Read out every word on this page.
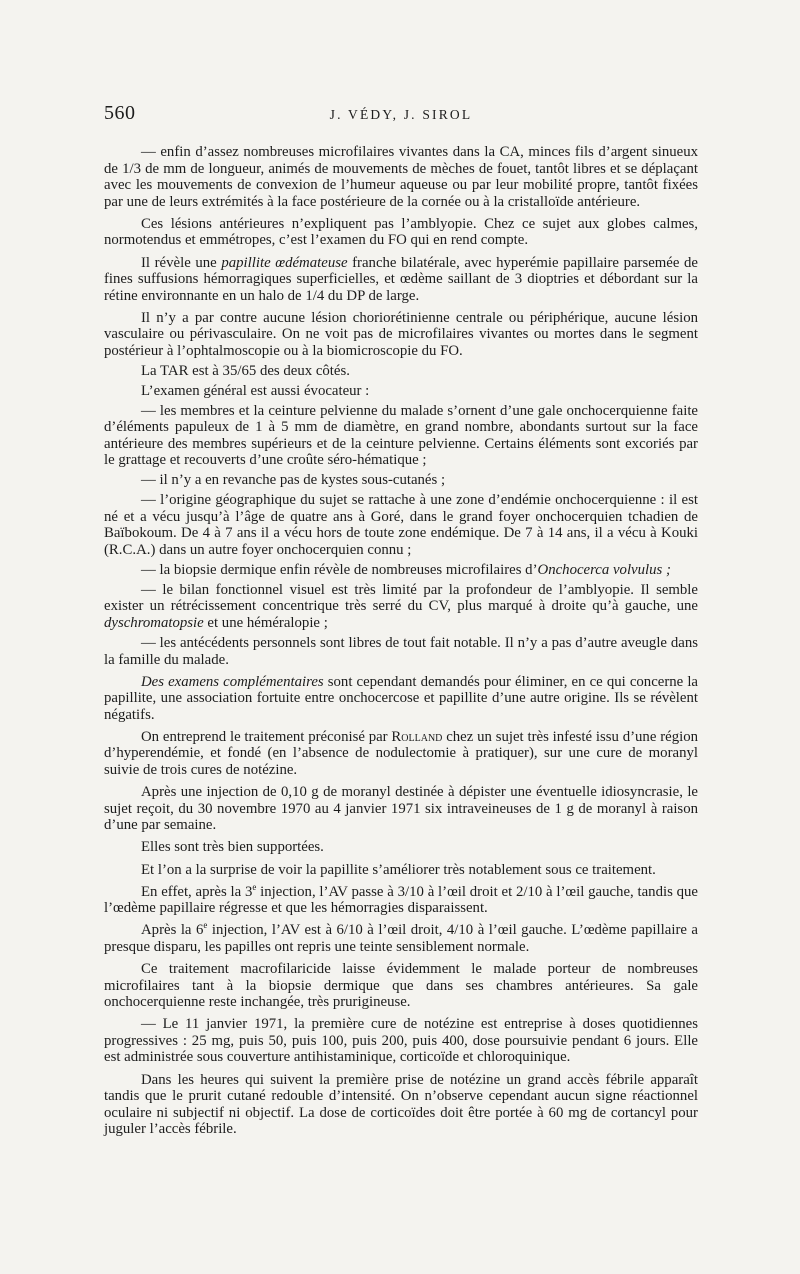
560	J. VÉDY, J. SIROL

— enfin d’assez nombreuses microfilaires vivantes dans la CA, minces fils d’argent sinueux de 1/3 de mm de longueur, animés de mouvements de mèches de fouet, tantôt libres et se déplaçant avec les mouvements de convexion de l’humeur aqueuse ou par leur mobilité propre, tantôt fixées par une de leurs extrémités à la face postérieure de la cornée ou à la cristalloïde antérieure.

Ces lésions antérieures n’expliquent pas l’amblyopie. Chez ce sujet aux globes calmes, normotendus et emmétropes, c’est l’examen du FO qui en rend compte.

Il révèle une papillite œdémateuse franche bilatérale, avec hyperémie papillaire parsemée de fines suffusions hémorragiques superficielles, et œdème saillant de 3 dioptries et débordant sur la rétine environnante en un halo de 1/4 du DP de large.

Il n’y a par contre aucune lésion choriorétinienne centrale ou périphérique, aucune lésion vasculaire ou périvasculaire. On ne voit pas de microfilaires vivantes ou mortes dans le segment postérieur à l’ophtalmoscopie ou à la biomicroscopie du FO.

La TAR est à 35/65 des deux côtés.

L’examen général est aussi évocateur :

— les membres et la ceinture pelvienne du malade s’ornent d’une gale onchocerquienne faite d’éléments papuleux de 1 à 5 mm de diamètre, en grand nombre, abondants surtout sur la face antérieure des membres supérieurs et de la ceinture pelvienne. Certains éléments sont excoriés par le grattage et recouverts d’une croûte séro-hématique ;

— il n’y a en revanche pas de kystes sous-cutanés ;

— l’origine géographique du sujet se rattache à une zone d’endémie onchocerquienne : il est né et a vécu jusqu’à l’âge de quatre ans à Goré, dans le grand foyer onchocerquien tchadien de Baïbokoum. De 4 à 7 ans il a vécu hors de toute zone endémique. De 7 à 14 ans, il a vécu à Kouki (R.C.A.) dans un autre foyer onchocerquien connu ;

— la biopsie dermique enfin révèle de nombreuses microfilaires d’Onchocerca volvulus ;

— le bilan fonctionnel visuel est très limité par la profondeur de l’amblyopie. Il semble exister un rétrécissement concentrique très serré du CV, plus marqué à droite qu’à gauche, une dyschromatopsie et une héméralopie ;

— les antécédents personnels sont libres de tout fait notable. Il n’y a pas d’autre aveugle dans la famille du malade.

Des examens complémentaires sont cependant demandés pour éliminer, en ce qui concerne la papillite, une association fortuite entre onchocercose et papillite d’une autre origine. Ils se révèlent négatifs.

On entreprend le traitement préconisé par Rolland chez un sujet très infesté issu d’une région d’hyperendémie, et fondé (en l’absence de nodulectomie à pratiquer), sur une cure de moranyl suivie de trois cures de notézine.

Après une injection de 0,10 g de moranyl destinée à dépister une éventuelle idiosyncrasie, le sujet reçoit, du 30 novembre 1970 au 4 janvier 1971 six intraveineuses de 1 g de moranyl à raison d’une par semaine.

Elles sont très bien supportées.

Et l’on a la surprise de voir la papillite s’améliorer très notablement sous ce traitement.

En effet, après la 3e injection, l’AV passe à 3/10 à l’œil droit et 2/10 à l’œil gauche, tandis que l’œdème papillaire régresse et que les hémorragies disparaissent.

Après la 6e injection, l’AV est à 6/10 à l’œil droit, 4/10 à l’œil gauche. L’œdème papillaire a presque disparu, les papilles ont repris une teinte sensiblement normale.

Ce traitement macrofilaricide laisse évidemment le malade porteur de nombreuses microfilaires tant à la biopsie dermique que dans ses chambres antérieures. Sa gale onchocerquienne reste inchangée, très prurigineuse.

— Le 11 janvier 1971, la première cure de notézine est entreprise à doses quotidiennes progressives : 25 mg, puis 50, puis 100, puis 200, puis 400, dose poursuivie pendant 6 jours. Elle est administrée sous couverture antihistaminique, corticoïde et chloroquinique.

Dans les heures qui suivent la première prise de notézine un grand accès fébrile apparaît tandis que le prurit cutané redouble d’intensité. On n’observe cependant aucun signe réactionnel oculaire ni subjectif ni objectif. La dose de corticoïdes doit être portée à 60 mg de cortancyl pour juguler l’accès fébrile.
